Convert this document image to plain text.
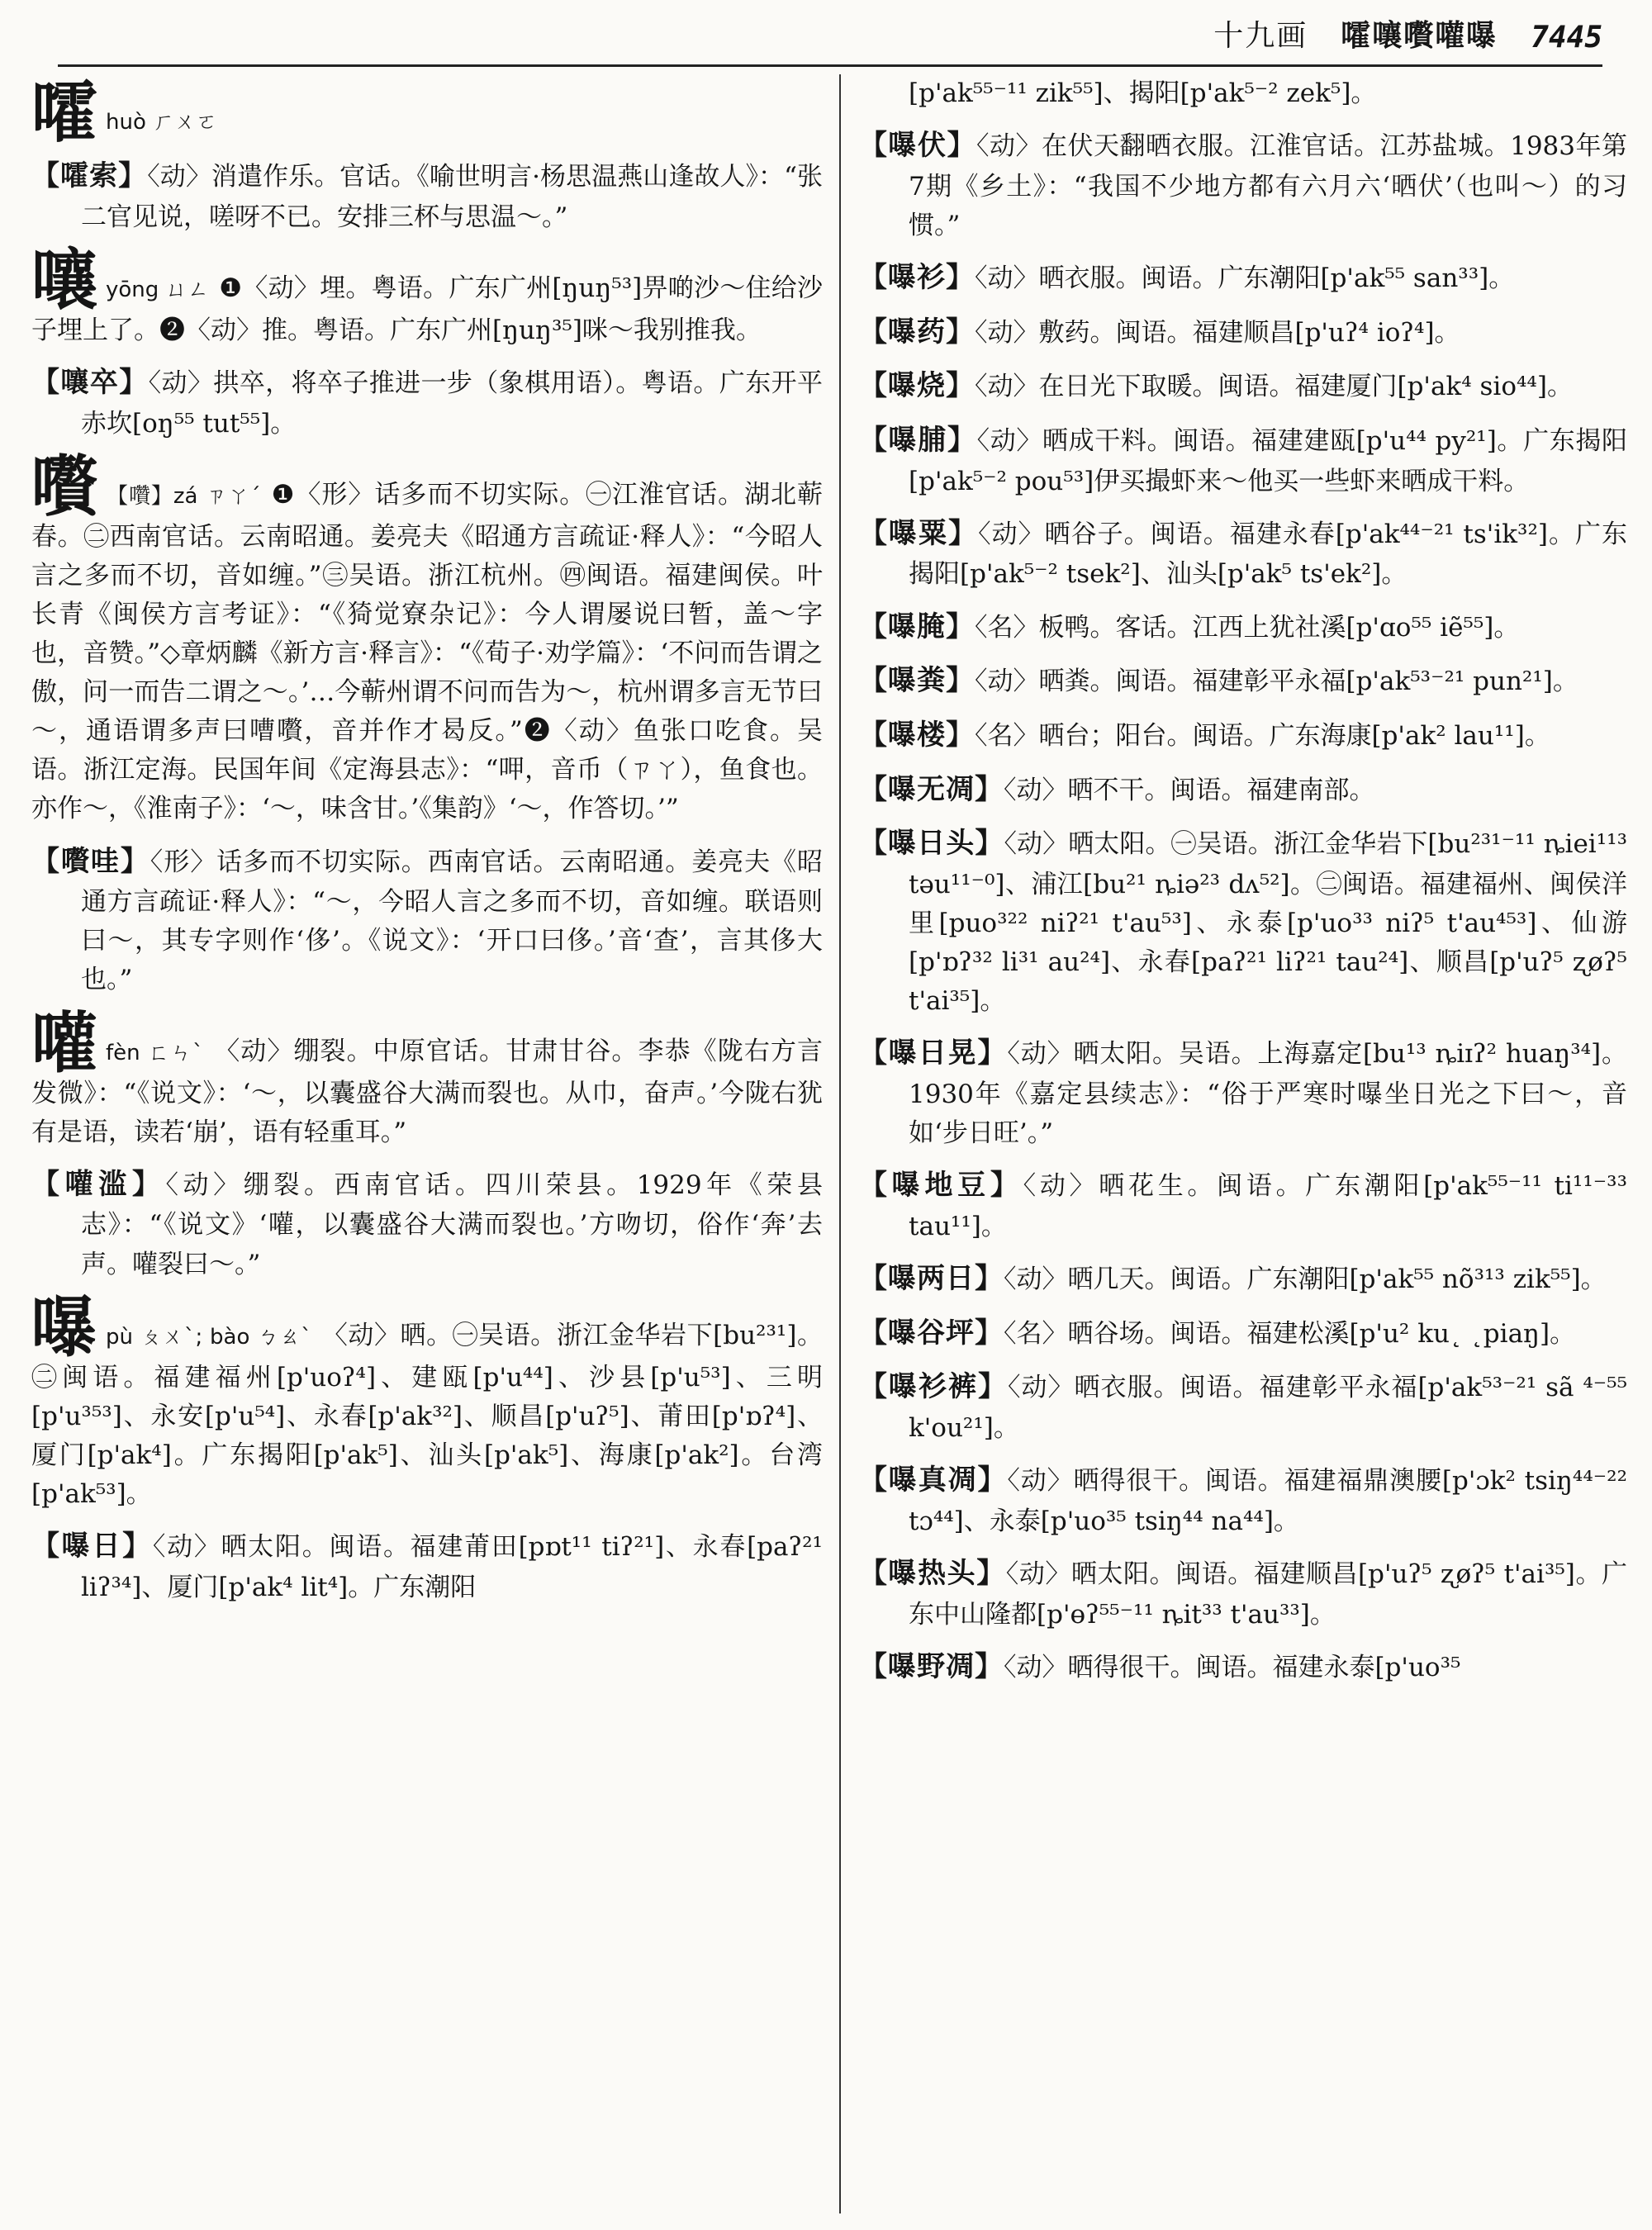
十九画 嚯嚷嚽嚾嚗 7445
嚯huò ㄏㄨㄛ
【嚯索】〈动〉消遣作乐。官话。《喻世明言·杨思温燕山逢故人》：“张二官见说，嗟呀不已。安排三杯与思温～。”
嚷yōng ㄩㄥ ❶〈动〉埋。粤语。广东广州[ŋuŋ⁵³]畀啲沙～住给沙子埋上了。❷〈动〉推。粤语。广东广州[ŋuŋ³⁵]咪～我别推我。
【嚷卒】〈动〉拱卒，将卒子推进一步（象棋用语）。粤语。广东开平赤坎[oŋ⁵⁵ tut⁵⁵]。
嚽 【囋】zá ㄗㄚˊ ❶〈形〉话多而不切实际。㊀江淮官话。湖北蕲春。㊁西南官话。云南昭通。姜亮夫《昭通方言疏证·释人》：“今昭人言之多而不切，音如缠。”㊂吴语。浙江杭州。㊃闽语。福建闽侯。叶长青《闽侯方言考证》：“《猗觉寮杂记》：今人谓屡说曰暂，盖～字也，音赞。”◇章炳麟《新方言·释言》：“《荀子·劝学篇》：‘不问而告谓之傲，问一而告二谓之～。’…今蕲州谓不问而告为～，杭州谓多言无节曰～，通语谓多声曰嘈嚽，音并作才曷反。”❷〈动〉鱼张口吃食。吴语。浙江定海。民国年间《定海县志》：“呷，音币（ㄗㄚ），鱼食也。亦作～，《淮南子》：‘～，味含甘。’《集韵》‘～，作答切。’”
【嚽哇】〈形〉话多而不切实际。西南官话。云南昭通。姜亮夫《昭通方言疏证·释人》：“～，今昭人言之多而不切，音如缠。联语则曰～，其专字则作‘侈’。《说文》：‘开口曰侈。’音‘查’，言其侈大也。”
嚾fèn ㄈㄣˋ 〈动〉绷裂。中原官话。甘肃甘谷。李恭《陇右方言发微》：“《说文》：‘～，以囊盛谷大满而裂也。从巾，奋声。’今陇右犹有是语，读若‘崩’，语有轻重耳。”
【嚾滥】〈动〉绷裂。西南官话。四川荣县。1929年《荣县志》：“《说文》‘嚾，以囊盛谷大满而裂也。’方吻切，俗作‘奔’去声。嚾裂曰～。”
嚗pù ㄆㄨˋ; bào ㄅㄠˋ 〈动〉晒。㊀吴语。浙江金华岩下[bu²³¹]。㊁闽语。福建福州[p'uoʔ⁴]、建瓯[p'u⁴⁴]、沙县[p'u⁵³]、三明[p'u³⁵³]、永安[p'u⁵⁴]、永春[p'ak³²]、顺昌[p'uʔ⁵]、莆田[p'ɒʔ⁴]、厦门[p'ak⁴]。广东揭阳[p'ak⁵]、汕头[p'ak⁵]、海康[p'ak²]。台湾[p'ak⁵³]。
【嚗日】〈动〉晒太阳。闽语。福建莆田[pɒt¹¹ tiʔ²¹]、永春[paʔ²¹ liʔ³⁴]、厦门[p'ak⁴ lit⁴]。广东潮阳
[p'ak⁵⁵⁻¹¹ zik⁵⁵]、揭阳[p'ak⁵⁻² zek⁵]。
【嚗伏】〈动〉在伏天翻晒衣服。江淮官话。江苏盐城。1983年第7期《乡土》：“我国不少地方都有六月六‘晒伏’（也叫～）的习惯。”
【嚗衫】〈动〉晒衣服。闽语。广东潮阳[p'ak⁵⁵ san³³]。
【嚗药】〈动〉敷药。闽语。福建顺昌[p'uʔ⁴ ioʔ⁴]。
【嚗烧】〈动〉在日光下取暖。闽语。福建厦门[p'ak⁴ sio⁴⁴]。
【嚗脯】〈动〉晒成干料。闽语。福建建瓯[p'u⁴⁴ py²¹]。广东揭阳[p'ak⁵⁻² pou⁵³]伊买撮虾来～他买一些虾来晒成干料。
【嚗粟】〈动〉晒谷子。闽语。福建永春[p'ak⁴⁴⁻²¹ ts'ik³²]。广东揭阳[p'ak⁵⁻² tsek²]、汕头[p'ak⁵ ts'ek²]。
【嚗腌】〈名〉板鸭。客话。江西上犹社溪[p'ɑo⁵⁵ iẽ⁵⁵]。
【嚗粪】〈动〉晒粪。闽语。福建彰平永福[p'ak⁵³⁻²¹ pun²¹]。
【嚗楼】〈名〉晒台；阳台。闽语。广东海康[p'ak² lau¹¹]。
【嚗无凋】〈动〉晒不干。闽语。福建南部。
【嚗日头】〈动〉晒太阳。㊀吴语。浙江金华岩下[bu²³¹⁻¹¹ ȵiei¹¹³ təu¹¹⁻⁰]、浦江[bu²¹ ȵiə²³ dʌ⁵²]。㊁闽语。福建福州、闽侯洋里[puo³²² niʔ²¹ t'au⁵³]、永泰[p'uo³³ niʔ⁵ t'au⁴⁵³]、仙游[p'ɒʔ³² li³¹ au²⁴]、永春[paʔ²¹ liʔ²¹ tau²⁴]、顺昌[p'uʔ⁵ ʐøʔ⁵ t'ai³⁵]。
【嚗日晃】〈动〉晒太阳。吴语。上海嘉定[bu¹³ ȵiɪʔ² huaŋ³⁴]。1930年《嘉定县续志》：“俗于严寒时嚗坐日光之下曰～，音如‘步日旺’。”
【嚗地豆】〈动〉晒花生。闽语。广东潮阳[p'ak⁵⁵⁻¹¹ ti¹¹⁻³³ tau¹¹]。
【嚗两日】〈动〉晒几天。闽语。广东潮阳[p'ak⁵⁵ nõ³¹³ zik⁵⁵]。
【嚗谷坪】〈名〉晒谷场。闽语。福建松溪[p'u² ku˛ ˛piaŋ]。
【嚗衫裤】〈动〉晒衣服。闽语。福建彰平永福[p'ak⁵³⁻²¹ sã ⁴⁻⁵⁵ k'ou²¹]。
【嚗真凋】〈动〉晒得很干。闽语。福建福鼎澳腰[p'ɔk² tsiŋ⁴⁴⁻²² tɔ⁴⁴]、永泰[p'uo³⁵ tsiŋ⁴⁴ na⁴⁴]。
【嚗热头】〈动〉晒太阳。闽语。福建顺昌[p'uʔ⁵ ʐøʔ⁵ t'ai³⁵]。广东中山隆都[p'ɵʔ⁵⁵⁻¹¹ ȵit³³ t'au³³]。
【嚗野凋】〈动〉晒得很干。闽语。福建永泰[p'uo³⁵
